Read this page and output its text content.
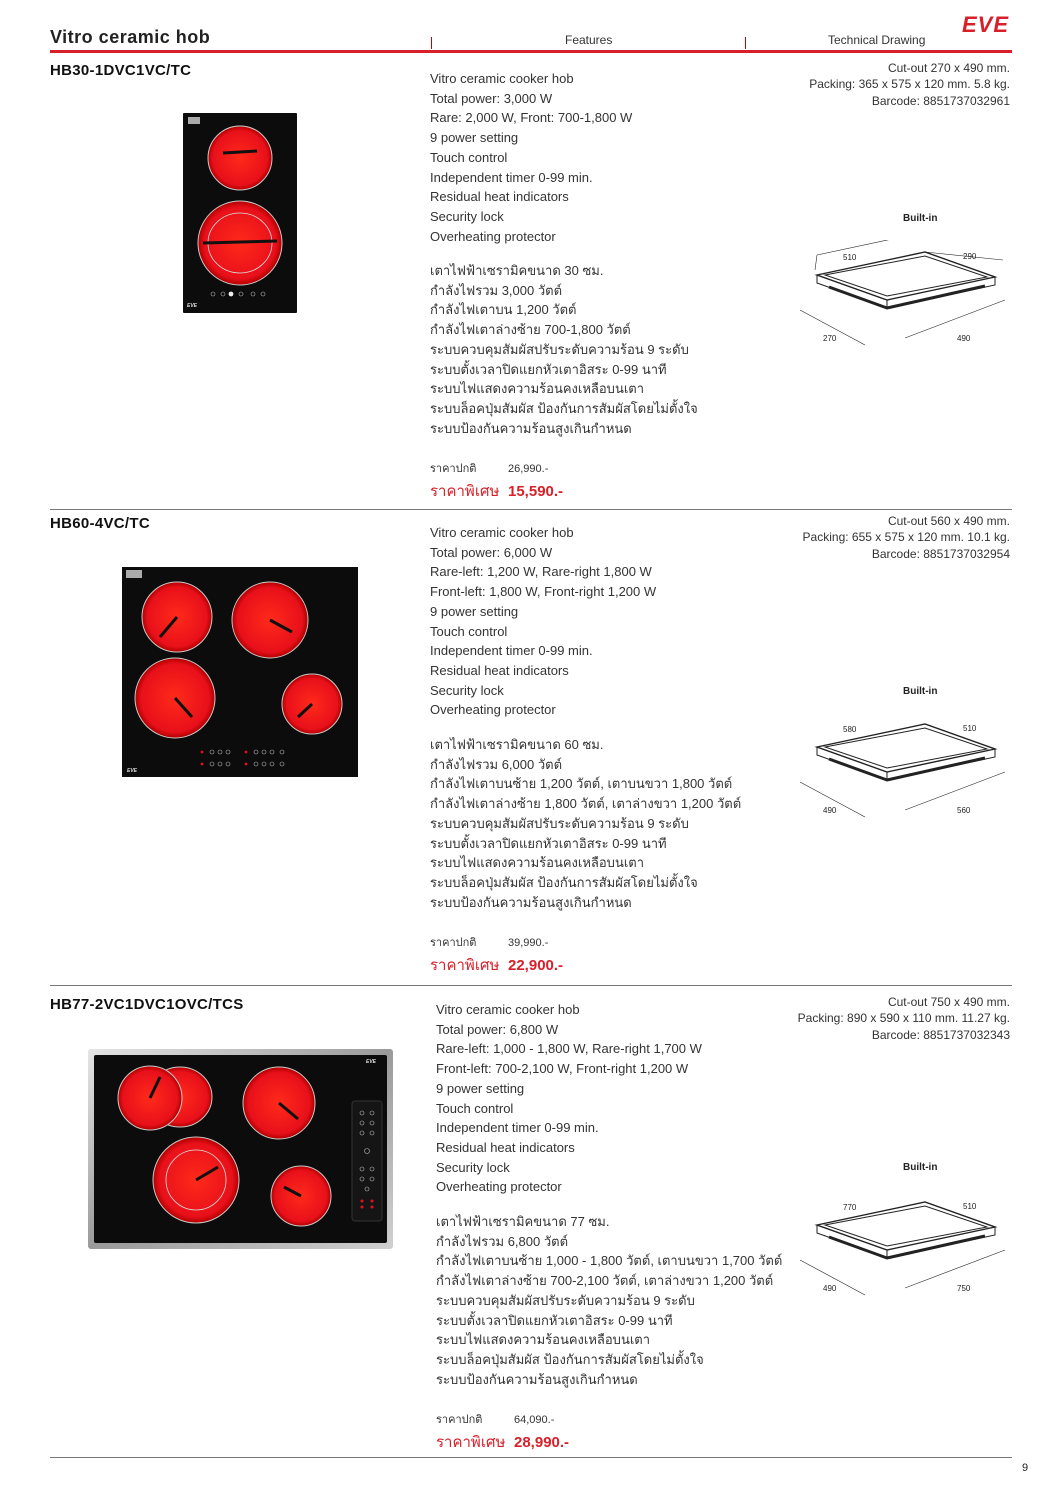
Vitro ceramic hob	Features	Technical Drawing
EVE
HB30-1DVC1VC/TC
EVE
Vitro ceramic cooker hob
Total power: 3,000 W
Rare: 2,000 W, Front: 700-1,800 W
9 power setting
Touch control
Independent timer 0-99 min.
Residual heat indicators
Security lock
Overheating protector
เตาไฟฟ้าเซรามิคขนาด 30 ซม.
กำลังไฟรวม 3,000 วัตต์
กำลังไฟเตาบน 1,200 วัตต์
กำลังไฟเตาล่างซ้าย 700-1,800 วัตต์
ระบบควบคุมสัมผัสปรับระดับความร้อน 9 ระดับ
ระบบตั้งเวลาปิดแยกหัวเตาอิสระ 0-99 นาที
ระบบไฟแสดงความร้อนคงเหลือบนเตา
ระบบล็อคปุ่มสัมผัส ป้องกันการสัมผัสโดยไม่ตั้งใจ
ระบบป้องกันความร้อนสูงเกินกำหนด
ราคาปกติ	26,990.-
ราคาพิเศษ 15,590.-
Cut-out 270 x 490 mm.
Packing: 365 x 575 x 120 mm. 5.8 kg.
Barcode: 8851737032961
Built-in
510	290
270	490
HB60-4VC/TC
EVE
Vitro ceramic cooker hob
Total power: 6,000 W
Rare-left: 1,200 W, Rare-right 1,800 W
Front-left: 1,800 W, Front-right 1,200 W
9 power setting
Touch control
Independent timer 0-99 min.
Residual heat indicators
Security lock
Overheating protector
เตาไฟฟ้าเซรามิคขนาด 60 ซม.
กำลังไฟรวม 6,000 วัตต์
กำลังไฟเตาบนซ้าย 1,200 วัตต์, เตาบนขวา 1,800 วัตต์
กำลังไฟเตาล่างซ้าย 1,800 วัตต์, เตาล่างขวา 1,200 วัตต์
ระบบควบคุมสัมผัสปรับระดับความร้อน 9 ระดับ
ระบบตั้งเวลาปิดแยกหัวเตาอิสระ 0-99 นาที
ระบบไฟแสดงความร้อนคงเหลือบนเตา
ระบบล็อคปุ่มสัมผัส ป้องกันการสัมผัสโดยไม่ตั้งใจ
ระบบป้องกันความร้อนสูงเกินกำหนด
ราคาปกติ	39,990.-
ราคาพิเศษ 22,900.-
Cut-out 560 x 490 mm.
Packing: 655 x 575 x 120 mm. 10.1 kg.
Barcode: 8851737032954
Built-in
580	510
490	560
HB77-2VC1DVC1OVC/TCS
EVE
Vitro ceramic cooker hob
Total power: 6,800 W
Rare-left: 1,000 - 1,800 W, Rare-right 1,700 W
Front-left: 700-2,100 W, Front-right 1,200 W
9 power setting
Touch control
Independent timer 0-99 min.
Residual heat indicators
Security lock
Overheating protector
เตาไฟฟ้าเซรามิคขนาด 77 ซม.
กำลังไฟรวม 6,800 วัตต์
กำลังไฟเตาบนซ้าย 1,000 - 1,800 วัตต์, เตาบนขวา 1,700 วัตต์
กำลังไฟเตาล่างซ้าย 700-2,100 วัตต์, เตาล่างขวา 1,200 วัตต์
ระบบควบคุมสัมผัสปรับระดับความร้อน 9 ระดับ
ระบบตั้งเวลาปิดแยกหัวเตาอิสระ 0-99 นาที
ระบบไฟแสดงความร้อนคงเหลือบนเตา
ระบบล็อคปุ่มสัมผัส ป้องกันการสัมผัสโดยไม่ตั้งใจ
ระบบป้องกันความร้อนสูงเกินกำหนด
ราคาปกติ	64,090.-
ราคาพิเศษ 28,990.-
Cut-out 750 x 490 mm.
Packing: 890 x 590 x 110 mm. 11.27 kg.
Barcode: 8851737032343
Built-in
770	510
490	750
9
